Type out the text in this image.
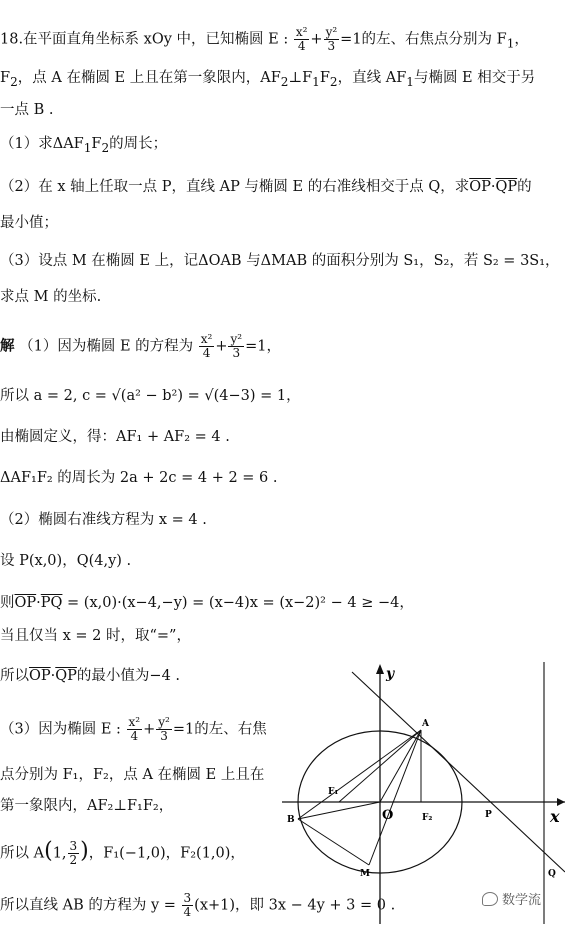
18.在平面直角坐标系 xOy 中，已知椭圆 E : $\frac{\text{x²}}{4} + \frac{\text{y²}}{3} =1$的左、右焦点分别为 $F_1$，
$F_2$，点 A 在椭圆 E 上且在第一象限内，$AF_2\perp F_1F_2$，直线 $AF_1$与椭圆 E 相交于另
一点 B .
（1）求$\Delta AF_1F_2$的周长；
（2）在 x 轴上任取一点 P，直线 AP 与椭圆 E 的右准线相交于点 Q，求$\overline{OP}\cdot\overline{QP}$的
最小值；
（3）设点 M 在椭圆 E 上，记ΔOAB 与ΔMAB 的面积分别为 S₁，S₂，若 S₂ = 3S₁，
求点 M 的坐标.
解 （1）因为椭圆 E 的方程为 $\frac{\text{x²}}{4} + \frac{\text{y²}}{3} =1$，
所以 a = 2, c = √(a² − b²) = √(4−3) = 1，
由椭圆定义，得：AF₁ + AF₂ = 4 .
ΔAF₁F₂ 的周长为 2a + 2c = 4 + 2 = 6 .
（2）椭圆右准线方程为 x = 4 .
设 P(x,0)，Q(4,y) .
则$\overline{OP}\cdot\overline{PQ} = (x,0)\cdot(x-4,-y) = (x-4)x = (x-2)^2 - 4 \ge -4$，
当且仅当 x = 2 时，取“=”，
所以$\overline{OP}\cdot\overline{QP}$的最小值为−4 .
（3）因为椭圆 E : $\frac{\text{x²}}{4} + \frac{\text{y²}}{3} =1$的左、右焦
点分别为 F₁，F₂，点 A 在椭圆 E 上且在
第一象限内，AF₂⊥F₁F₂，
所以 A(1, $\frac{3}{2}$ )，F₁(−1,0)，F₂(1,0)，
所以直线 AB 的方程为 $y = \frac{3}{4} (x+1)$，即 3x − 4y + 3 = 0 .
y
x
O
A
B
M
P
Q
F₁
F₂
数学流
